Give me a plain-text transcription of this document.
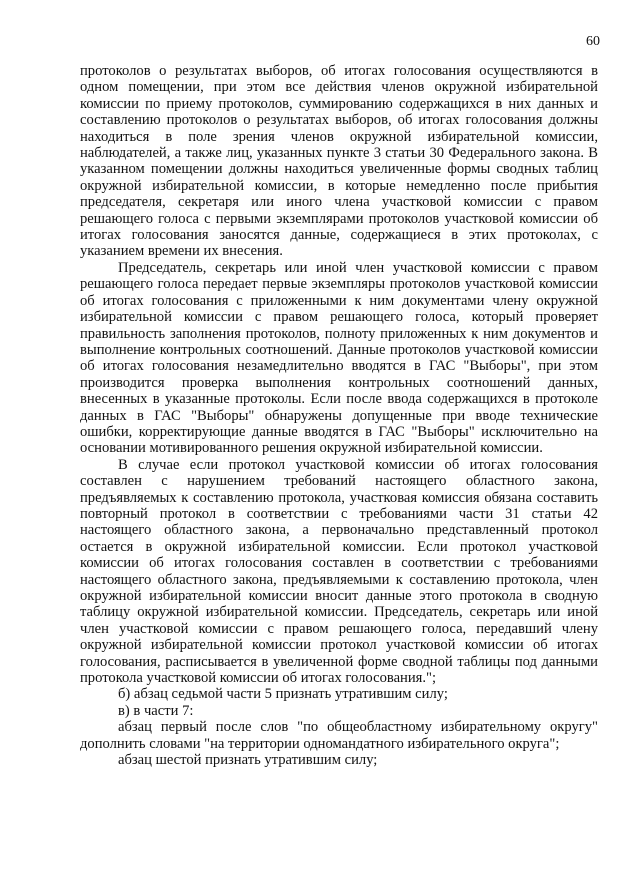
60

протоколов о результатах выборов, об итогах голосования осуществляются в одном помещении, при этом все действия членов окружной избирательной комиссии по приему протоколов, суммированию содержащихся в них данных и составлению протоколов о результатах выборов, об итогах голосования должны находиться в поле зрения членов окружной избирательной комиссии, наблюдателей, а также лиц, указанных пункте 3 статьи 30 Федерального закона. В указанном помещении должны находиться увеличенные формы сводных таблиц окружной избирательной комиссии, в которые немедленно после прибытия председателя, секретаря или иного члена участковой комиссии с правом решающего голоса с первыми экземплярами протоколов участковой комиссии об итогах голосования заносятся данные, содержащиеся в этих протоколах, с указанием времени их внесения.

Председатель, секретарь или иной член участковой комиссии с правом решающего голоса передает первые экземпляры протоколов участковой комиссии об итогах голосования с приложенными к ним документами члену окружной избирательной комиссии с правом решающего голоса, который проверяет правильность заполнения протоколов, полноту приложенных к ним документов и выполнение контрольных соотношений. Данные протоколов участковой комиссии об итогах голосования незамедлительно вводятся в ГАС "Выборы", при этом производится проверка выполнения контрольных соотношений данных, внесенных в указанные протоколы. Если после ввода содержащихся в протоколе данных в ГАС "Выборы" обнаружены допущенные при вводе технические ошибки, корректирующие данные вводятся в ГАС "Выборы" исключительно на основании мотивированного решения окружной избирательной комиссии.

В случае если протокол участковой комиссии об итогах голосования составлен с нарушением требований настоящего областного закона, предъявляемых к составлению протокола, участковая комиссия обязана составить повторный протокол в соответствии с требованиями части 31 статьи 42 настоящего областного закона, а первоначально представленный протокол остается в окружной избирательной комиссии. Если протокол участковой комиссии об итогах голосования составлен в соответствии с требованиями настоящего областного закона, предъявляемыми к составлению протокола, член окружной избирательной комиссии вносит данные этого протокола в сводную таблицу окружной избирательной комиссии. Председатель, секретарь или иной член участковой комиссии с правом решающего голоса, передавший члену окружной избирательной комиссии протокол участковой комиссии об итогах голосования, расписывается в увеличенной форме сводной таблицы под данными протокола участковой комиссии об итогах голосования.";

б) абзац седьмой части 5 признать утратившим силу;

в) в части 7:

абзац первый после слов "по общеобластному избирательному округу" дополнить словами "на территории одномандатного избирательного округа";

абзац шестой признать утратившим силу;
